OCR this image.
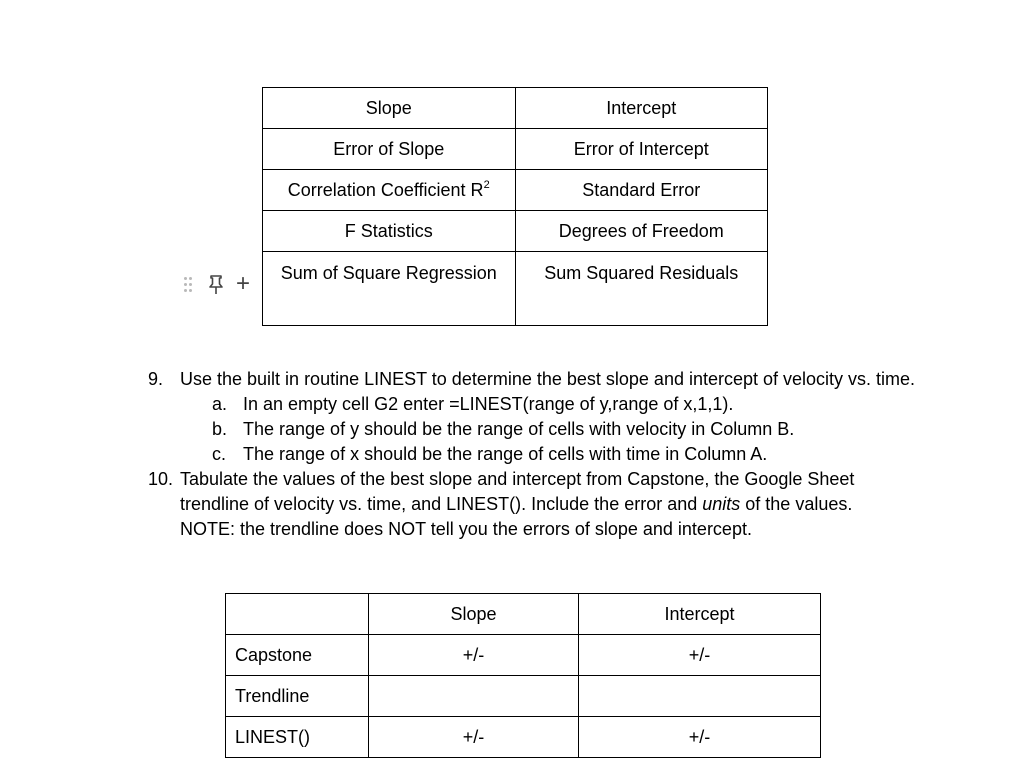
Slope	Intercept
Error of Slope	Error of Intercept
Correlation Coefficient $R^2$	Standard Error
F Statistics	Degrees of Freedom
Sum of Square Regression	Sum Squared Residuals
+
9. Use the built in routine LINEST to determine the best slope and intercept of velocity vs. time.
a. In an empty cell G2 enter =LINEST(range of y,range of x,1,1).
b. The range of y should be the range of cells with velocity in Column B.
c. The range of x should be the range of cells with time in Column A.
10. Tabulate the values of the best slope and intercept from Capstone, the Google Sheet trendline of velocity vs. time, and LINEST(). Include the error and units of the values.
NOTE: the trendline does NOT tell you the errors of slope and intercept.
	Slope	Intercept
Capstone	+/-	+/-
Trendline		
LINEST()	+/-	+/-
